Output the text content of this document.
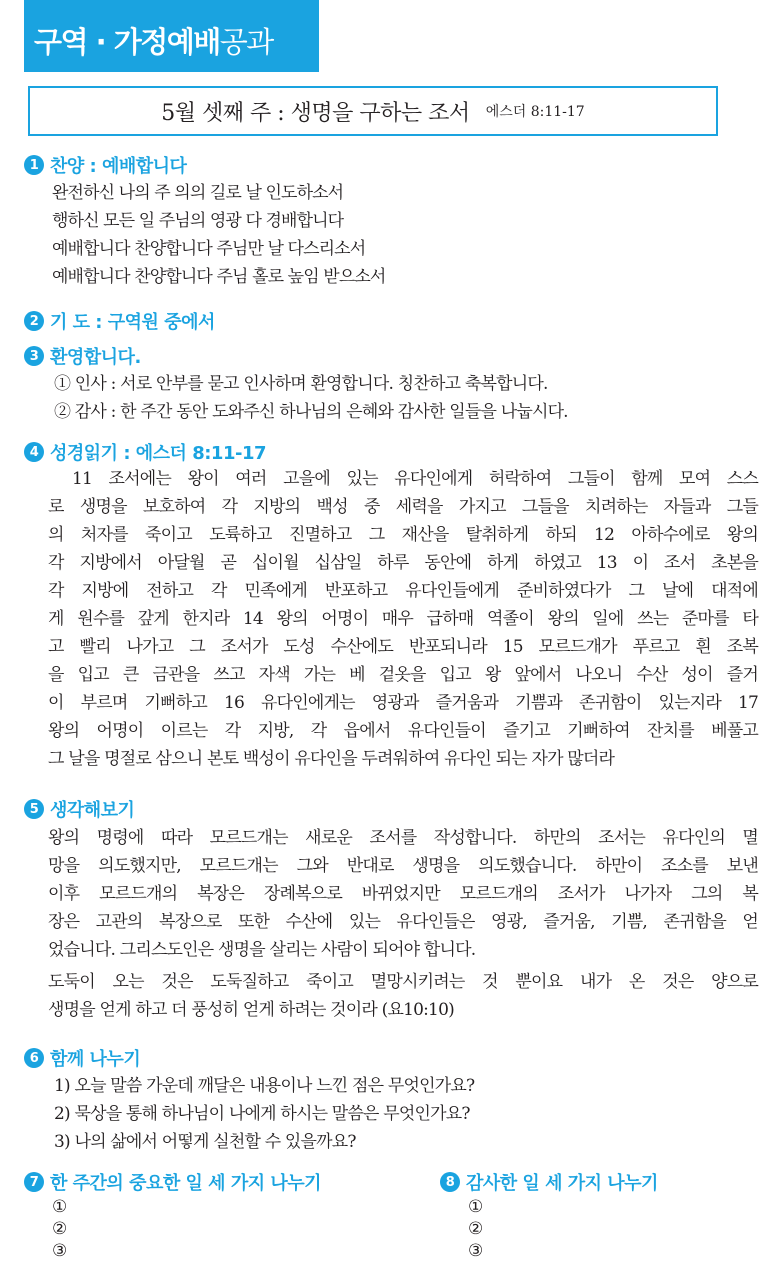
구역 · 가정예배공과
5월 셋째 주 : 생명을 구하는 조서 에스더 8:11-17
1 찬양 : 예배합니다
완전하신 나의 주 의의 길로 날 인도하소서
행하신 모든 일 주님의 영광 다 경배합니다
예배합니다 찬양합니다 주님만 날 다스리소서
예배합니다 찬양합니다 주님 홀로 높임 받으소서
2 기 도 : 구역원 중에서
3 환영합니다.
① 인사 : 서로 안부를 묻고 인사하며 환영합니다. 칭찬하고 축복합니다.
② 감사 : 한 주간 동안 도와주신 하나님의 은혜와 감사한 일들을 나눕시다.
4 성경읽기 : 에스더 8:11-17
11 조서에는 왕이 여러 고을에 있는 유다인에게 허락하여 그들이 함께 모여 스스
로 생명을 보호하여 각 지방의 백성 중 세력을 가지고 그들을 치려하는 자들과 그들
의 처자를 죽이고 도륙하고 진멸하고 그 재산을 탈취하게 하되 12 아하수에로 왕의
각 지방에서 아달월 곧 십이월 십삼일 하루 동안에 하게 하였고 13 이 조서 초본을
각 지방에 전하고 각 민족에게 반포하고 유다인들에게 준비하였다가 그 날에 대적에
게 원수를 갚게 한지라 14 왕의 어명이 매우 급하매 역졸이 왕의 일에 쓰는 준마를 타
고 빨리 나가고 그 조서가 도성 수산에도 반포되니라 15 모르드개가 푸르고 흰 조복
을 입고 큰 금관을 쓰고 자색 가는 베 겉옷을 입고 왕 앞에서 나오니 수산 성이 즐거
이 부르며 기뻐하고 16 유다인에게는 영광과 즐거움과 기쁨과 존귀함이 있는지라 17
왕의 어명이 이르는 각 지방, 각 읍에서 유다인들이 즐기고 기뻐하여 잔치를 베풀고
그 날을 명절로 삼으니 본토 백성이 유다인을 두려워하여 유다인 되는 자가 많더라
5 생각해보기
왕의 명령에 따라 모르드개는 새로운 조서를 작성합니다. 하만의 조서는 유다인의 멸
망을 의도했지만, 모르드개는 그와 반대로 생명을 의도했습니다. 하만이 조소를 보낸
이후 모르드개의 복장은 장례복으로 바뀌었지만 모르드개의 조서가 나가자 그의 복
장은 고관의 복장으로 또한 수산에 있는 유다인들은 영광, 즐거움, 기쁨, 존귀함을 얻
었습니다. 그리스도인은 생명을 살리는 사람이 되어야 합니다.
도둑이 오는 것은 도둑질하고 죽이고 멸망시키려는 것 뿐이요 내가 온 것은 양으로
생명을 얻게 하고 더 풍성히 얻게 하려는 것이라 (요10:10)
6 함께 나누기
1) 오늘 말씀 가운데 깨달은 내용이나 느낀 점은 무엇인가요?
2) 묵상을 통해 하나님이 나에게 하시는 말씀은 무엇인가요?
3) 나의 삶에서 어떻게 실천할 수 있을까요?
7 한 주간의 중요한 일 세 가지 나누기
①
②
③
8 감사한 일 세 가지 나누기
①
②
③
